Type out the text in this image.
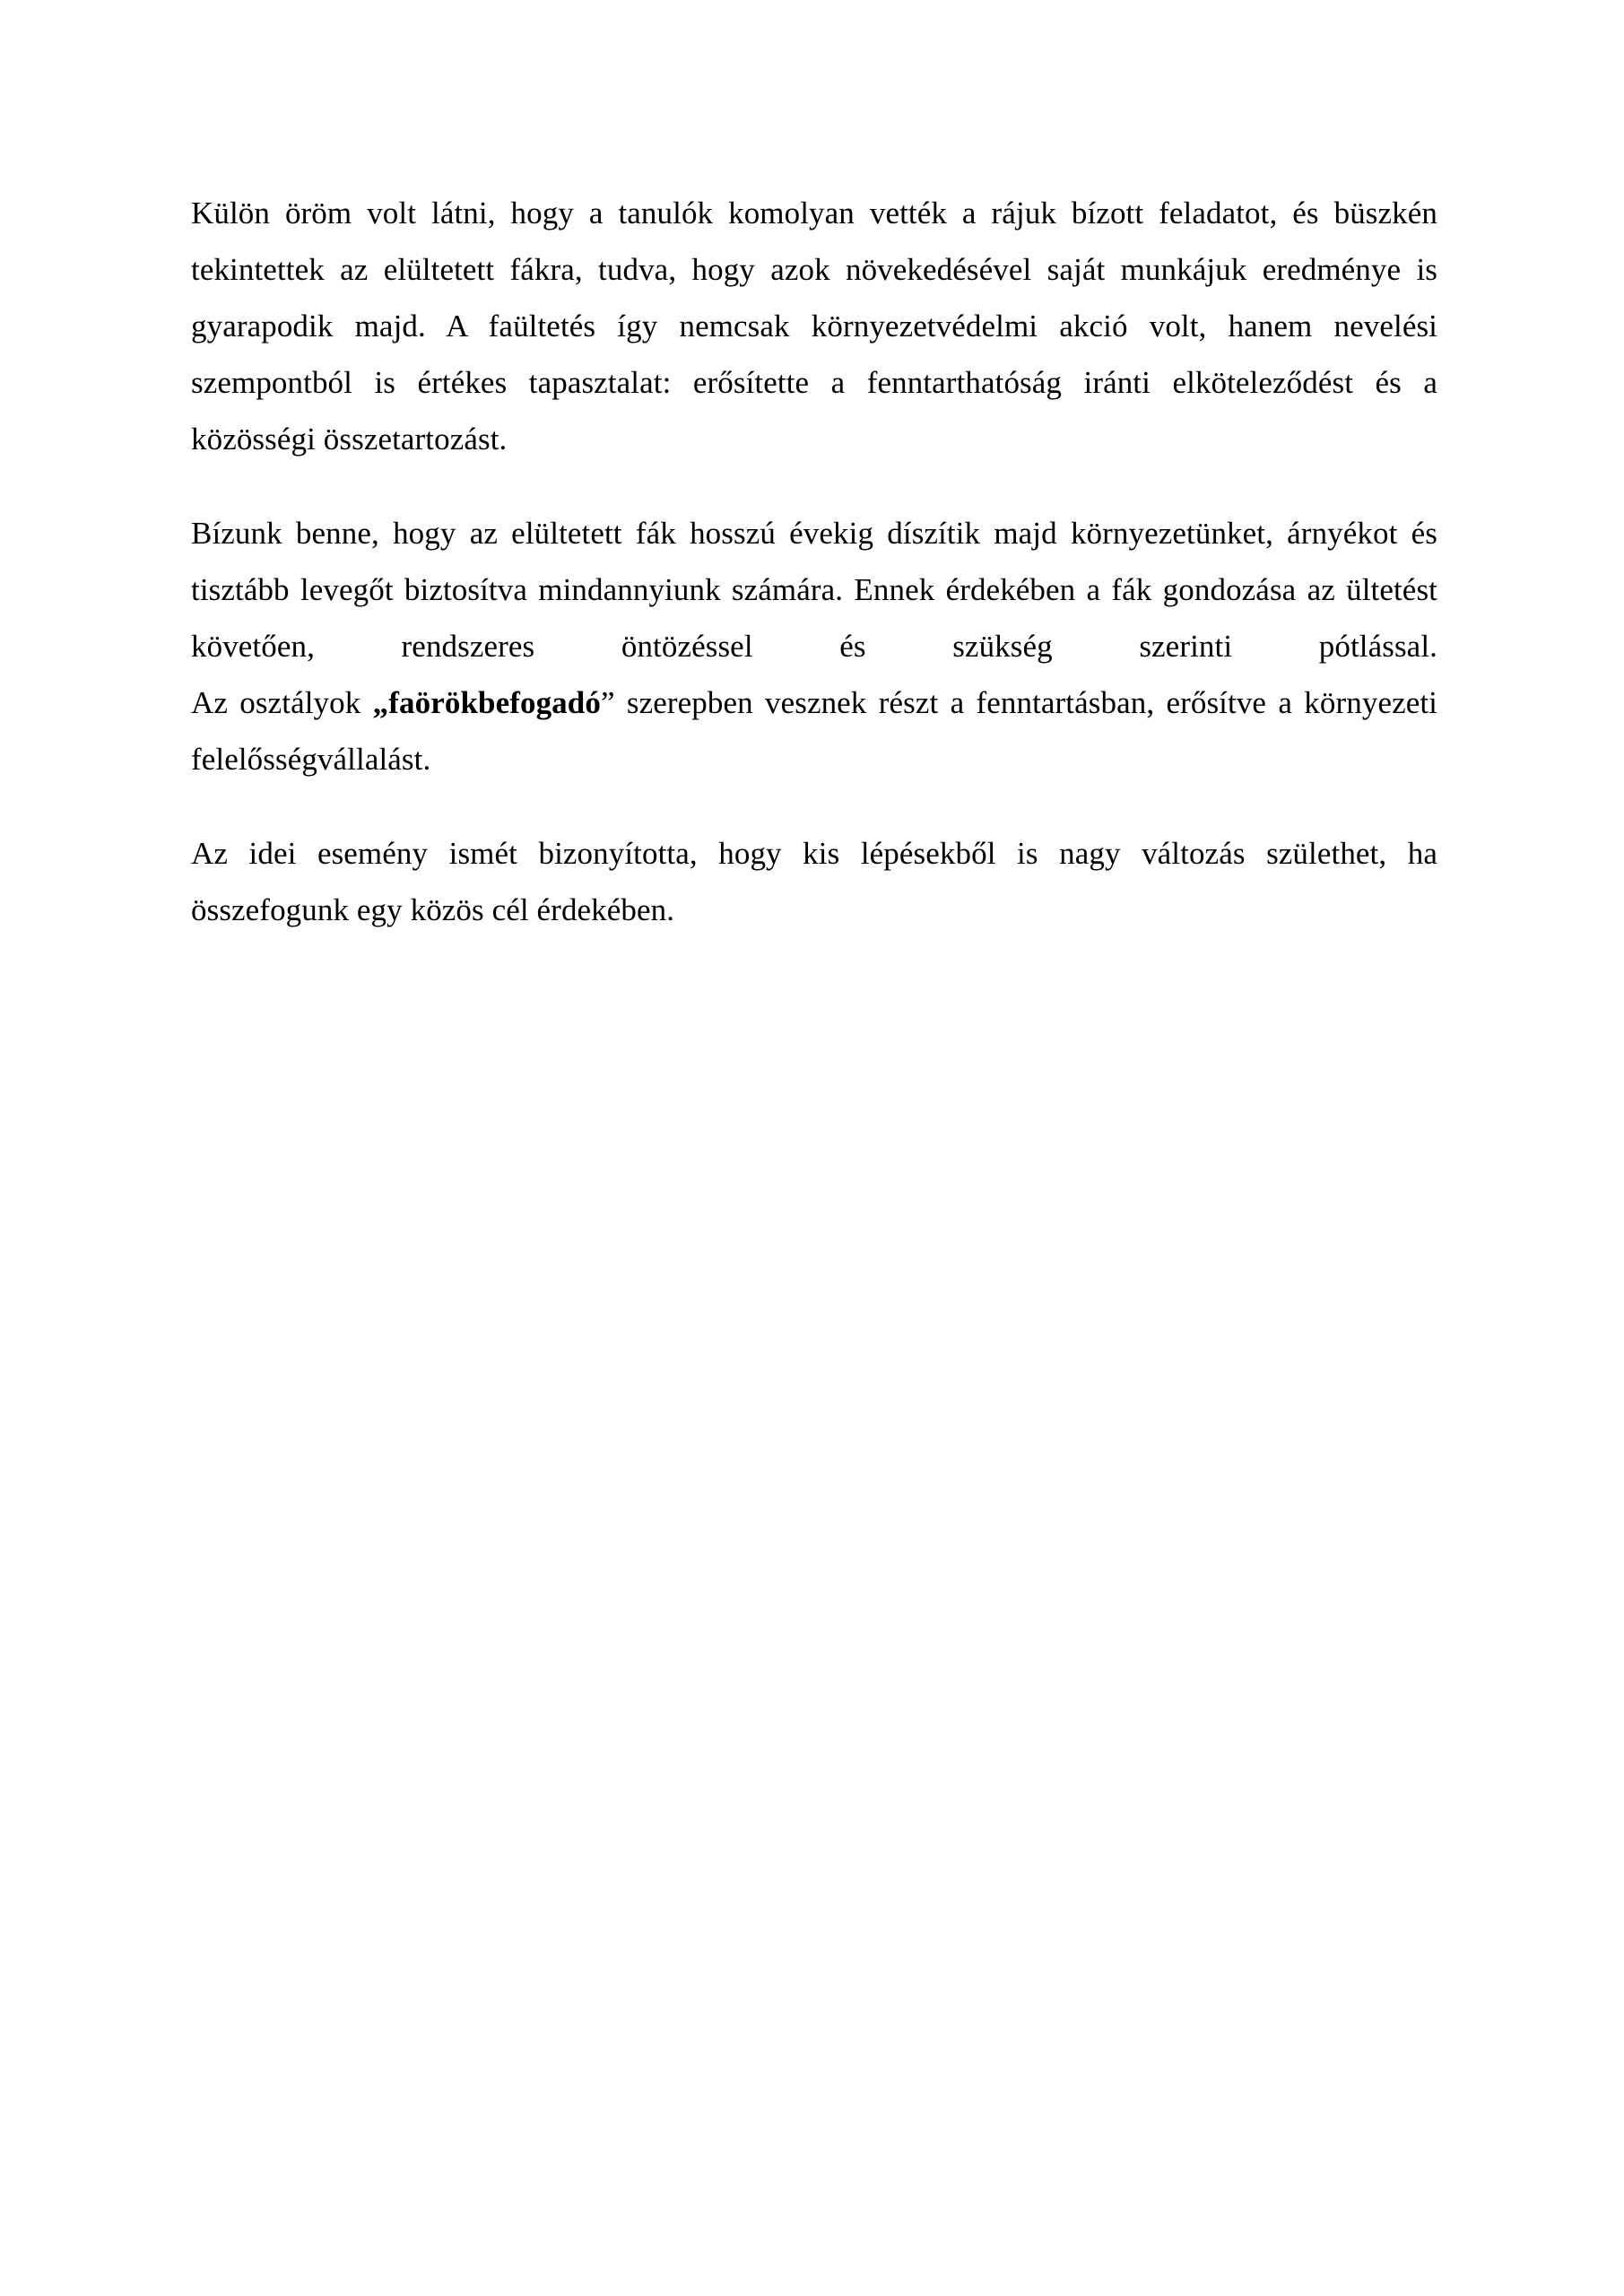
Külön öröm volt látni, hogy a tanulók komolyan vették a rájuk bízott feladatot, és büszkén
tekintettek az elültetett fákra, tudva, hogy azok növekedésével saját munkájuk eredménye is
gyarapodik majd. A faültetés így nemcsak környezetvédelmi akció volt, hanem nevelési
szempontból is értékes tapasztalat: erősítette a fenntarthatóság iránti elköteleződést és a
közösségi összetartozást.

Bízunk benne, hogy az elültetett fák hosszú évekig díszítik majd környezetünket, árnyékot és
tisztább levegőt biztosítva mindannyiunk számára. Ennek érdekében a fák gondozása az ültetést
követően, rendszeres öntözéssel és szükség szerinti pótlással.
Az osztályok „faörökbefogadó” szerepben vesznek részt a fenntartásban, erősítve a környezeti
felelősségvállalást.

Az idei esemény ismét bizonyította, hogy kis lépésekből is nagy változás születhet, ha
összefogunk egy közös cél érdekében.
